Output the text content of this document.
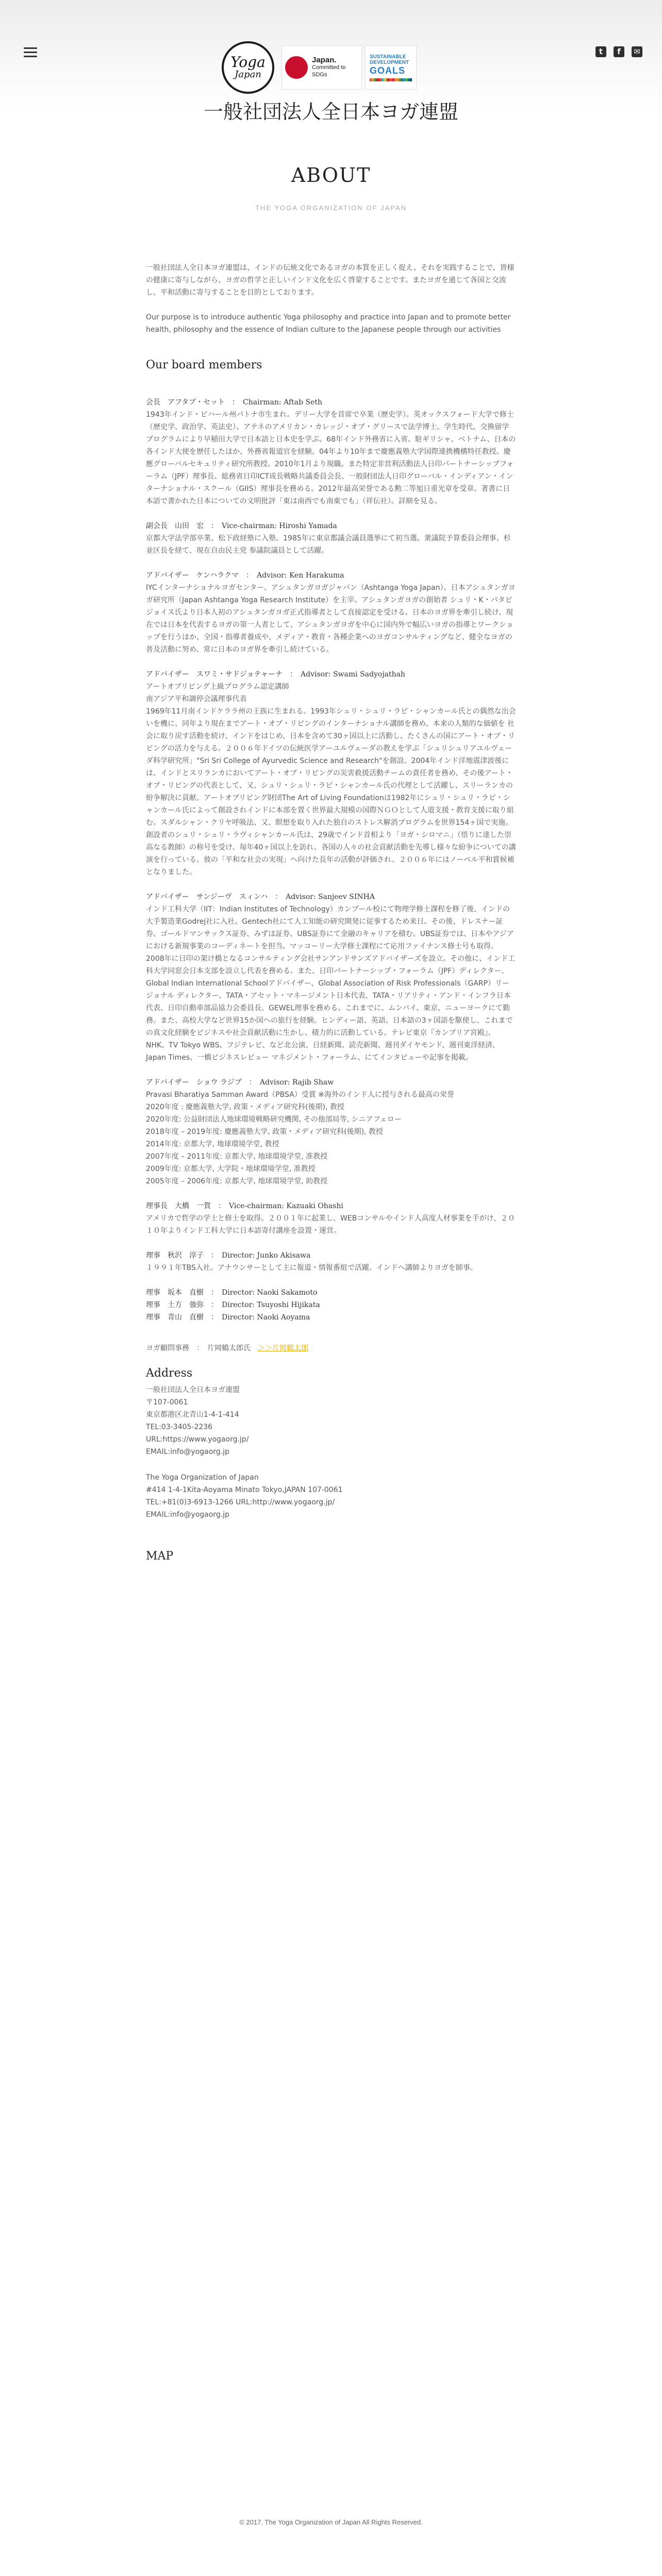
Yoga
Japan
Japan.
Committed to SDGs
SUSTAINABLE DEVELOPMENT
GOALS
t	f	✉
一般社団法人全日本ヨガ連盟
ABOUT
THE YOGA ORGANIZATION OF JAPAN

一般社団法人全日本ヨガ連盟は、インドの伝統文化であるヨガの本質を正しく捉え、それを実践することで、皆様の健康に寄与しながら、ヨガの哲学と正しいインド文化を広く啓蒙することです。またヨガを通じて各国と交流し、平和活動に寄与することを目的としております。

Our purpose is to introduce authentic Yoga philosophy and practice into Japan and to promote better health, philosophy and the essence of Indian culture to the Japanese people through our activities

Our board members
会長　アフタブ・セット　：　Chairman: Aftab Seth
1943年インド・ビハール州パトナ市生まれ。デリー大学を首席で卒業（歴史学）。英オックスフォード大学で修士（歴史学、政治学、英法史）、アテネのアメリカン・カレッジ・オブ・グリースで法学博士。学生時代、交換留学プログラムにより早稲田大学で日本語と日本史を学ぶ。68年インド外務省に入省。駐ギリシャ、ベトナム、日本の各インド大使を歴任したほか、外務省報道官を経験。04年より10年まで慶應義塾大学国際連携機構特任教授。慶應グローバルセキュリティ研究所教授。2010年1月より現職。また特定非営利活動法人日印パートナーシップフォーラム（JPF）理事長、総務省日印ICT成長戦略共議委員会長、一般財団法人日印グローバル・インディアン・インターナショナル・スクール（GIIS）理事長を務める。2012年最高栄誉である勲二等旭日重光章を受章。著書に日本語で書かれた日本についての文明批評「東は南西でも南東でも」（祥伝社）。詳細を見る。
副会長　山田　宏　：　Vice-chairman: Hiroshi Yamada
京都大学法学部卒業、松下政経塾に入塾。1985年に東京都議会議員選挙にて初当選。衆議院予算委員会理事、杉並区長を経て、現在自由民主党 参議院議員として活躍。
アドバイザー　ケンハラクマ　：　Advisor: Ken Harakuma
IYCインターナショナルヨガセンター、アシュタンガヨガジャパン（Ashtanga Yoga Japan）、日本アシュタンガヨガ研究所（Japan Ashtanga Yoga Research Institute）を主宰。アシュタンガヨガの創始者 シュリ・K・パタビジョイス氏より日本人初のアシュタンガヨガ正式指導者として直接認定を受ける。日本のヨガ界を牽引し続け、現在では日本を代表するヨガの第一人者として、アシュタンガヨガを中心に国内外で幅広いヨガの指導とワークショップを行うほか、全国・指導者養成や、メディア・教育・各種企業へのヨガコンサルティングなど、健全なヨガの普及活動に努め、常に日本のヨガ界を牽引し続けている。
アドバイザー　スワミ・サドジョテャーナ　：　Advisor: Swami Sadyojathah
アートオブリビング上級プログラム認定講師
南アジア平和調停会議理事代表
1969年11月南インドケララ州の王族に生まれる。1993年シュリ・シュリ・ラビ・シャンカール氏との偶然な出会いを機に、同年より現在までアート・オブ・リビングのインターナショナル講師を務め、本来の人類的な価値を 社会に取り戻す活動を続け、インドをはじめ、日本を含めて30ヶ国以上に活動し、たくさんの国にアート・オブ・リビングの活力を与える。２００６年ドイツの伝統医学アーユルヴェーダの教えを学ぶ「シュリシュリアユルヴェーダ科学研究所」"Sri Sri College of Ayurvedic Science and Research"を創設。2004年インド洋地震津波後には、インドとスリランカにおいてアート・オブ・リビングの災害救援活動チームの責任者を務め、その後アート・オブ・リビングの代表として、又、シュリ・シュリ・ラビ・シャンカール氏の代理として活躍し、スリーランカの紛争解決に貢献。アートオブリビング財団The Art of Living Foundationは1982年にシュリ・シュリ・ラビ・シャンカール氏によって創設されインドに本部を置く世界最大規模の国際ＮＧＯとして人道支援・教育支援に取り組む。スダルシャン・クリヤ呼吸法、又、瞑想を取り入れた独自のストレス解消プログラムを世界154ヶ国で実施。創設者のシュリ・シュリ・ラヴィシャンカール氏は、29歳でインド首相より「ヨガ・シロマニ」（悟りに達した崇高なる教師）の称号を受け、毎年40ヶ国以上を訪れ、各国の人々の社会貢献活動を先導し様々な紛争についての講演を行っている。彼の「平和な社会の実現」へ向けた長年の活動が評価され、２００６年にはノーベル平和賞候補となりました。
アドバイザー　サンジーヴ　スィンハ　：　Advisor: Sanjeev SINHA
インド工科大学（IIT：Indian Institutes of Technology）カンプール校にて物理学修士課程を修了後、インドの大手製造業Godrej社に入社。Gentech社にて人工知能の研究開発に従事するため来日。その後、ドレスナー証券、ゴールドマンサックス証券、みずほ証券、UBS証券にて金融のキャリアを積む。UBS証券では、日本やアジアにおける新規事業のコーディネートを担当。マッコーリー大学修士課程にて応用ファイナンス修士号も取得。2008年に日印の架け橋となるコンサルティング会社サンアンドサンズアドバイザーズを設立。その他に、インド工科大学同窓会日本支部を設立し代表を務める。また、日印パートナーシップ・フォーラム（JPF）ディレクター、Global Indian International Schoolアドバイザー、Global Association of Risk Professionals（GARP）リージョナル ディレクター、TATA・アセット・マネージメント日本代表、TATA・リアリティ・アンド・インフラ日本代表、日印自動車部品協力会委員長、GEWEL理事を務める。これまでに、ムンバイ、東京、ニューヨークにて勤務。また、高校大学など世界15か国への旅行を経験。ヒンディー語、英語、日本語の3ヶ国語を駆使し、これまでの真文化経験をビジネスや社会貢献活動に生かし、積力的に活動している。テレビ東京『カンブリア宮殿』、NHK、TV Tokyo WBS、フジテレビ、など北公演、日経新聞、読売新聞、週刊ダイヤモンド、週刊東洋経済、Japan Times、一橋ビジネスレビュー マネジメント・フォーラム、にてインタビューや記事を掲載。
アドバイザー　ショウ ラジブ　：　Advisor: Rajib Shaw
Pravasi Bharatiya Samman Award（PBSA）受賞 ※海外のインド人に授与される最高の栄誉
2020年度 : 慶應義塾大学, 政策・メディア研究科(後期), 教授
2020年度: 公益財団法人地球環境戦略研究機関, その他部局等, シニアフェロー
2018年度 – 2019年度: 慶應義塾大学, 政策・メディア研究科(後期), 教授
2014年度: 京都大学, 地球環境学堂, 教授
2007年度 – 2011年度: 京都大学, 地球環境学堂, 准教授
2009年度: 京都大学, 大学院・地球環境学堂, 准教授
2005年度 – 2006年度: 京都大学, 地球環境学堂, 助教授
理事長　大橋　一賀　：　Vice-chairman: Kazuaki Ohashi
アメリカで哲学の学士と修士を取得。２００１年に起業し、WEBコンサルやインド人高度人材事業を手がけ、２０１０年よりインド工科大学に日本語寄付講座を設置・運営。
理事　秋沢　淳子　：　Director: Junko Akisawa
１９９１年TBS入社。アナウンサーとして主に報道・情報番組で活躍。インドへ講師よりヨガを師事。
理事　坂本　直樹　：　Director: Naoki Sakamoto
理事　土方　強弥　：　Director: Tsuyoshi Hijikata
理事　青山　直樹　：　Director: Naoki Aoyama

ヨガ顧問事務　：　片岡鶴太郎氏　＞＞片岡鶴太郎

Address

一般社団法人全日本ヨガ連盟

〒107-0061

東京都港区北青山1-4-1-414

TEL:03-3405-2236

URL:https://www.yogaorg.jp/

EMAIL:info@yogaorg.jp

The Yoga Organization of Japan

#414 1-4-1Kita-Aoyama Minato Tokyo,JAPAN 107-0061

TEL:+81(0)3-6913-1266 URL:http://www.yogaorg.jp/

EMAIL:info@yogaorg.jp

MAP
© 2017. The Yoga Organization of Japan All Rights Reserved.
